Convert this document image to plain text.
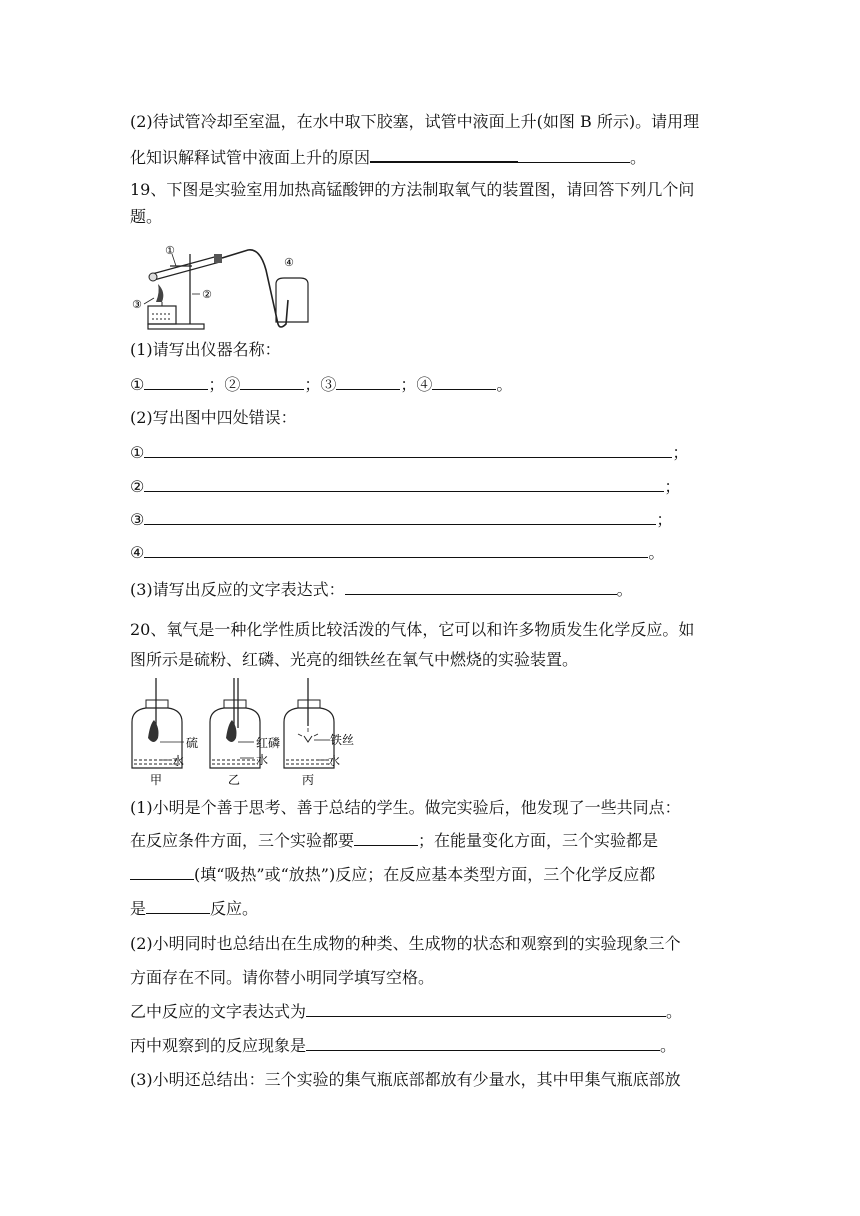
(2)待试管冷却至室温，在水中取下胶塞，试管中液面上升(如图 B 所示)。请用理
化知识解释试管中液面上升的原因	。
19、下图是实验室用加热高锰酸钾的方法制取氧气的装置图，请回答下列几个问
题。
①
②
③
④
(1)请写出仪器名称：
①	；②	；③	；④	。
(2)写出图中四处错误：
①	；
②	；
③	；
④	。
(3)请写出反应的文字表达式：	。
20、氧气是一种化学性质比较活泼的气体，它可以和许多物质发生化学反应。如
图所示是硫粉、红磷、光亮的细铁丝在氧气中燃烧的实验装置。
硫
水
甲
红磷
水
乙
铁丝
水
丙
(1)小明是个善于思考、善于总结的学生。做完实验后，他发现了一些共同点：
在反应条件方面，三个实验都要	；在能量变化方面，三个实验都是
(填“吸热”或“放热”)反应；在反应基本类型方面，三个化学反应都
是	反应。
(2)小明同时也总结出在生成物的种类、生成物的状态和观察到的实验现象三个
方面存在不同。请你替小明同学填写空格。
乙中反应的文字表达式为	。
丙中观察到的反应现象是	。
(3)小明还总结出：三个实验的集气瓶底部都放有少量水，其中甲集气瓶底部放
